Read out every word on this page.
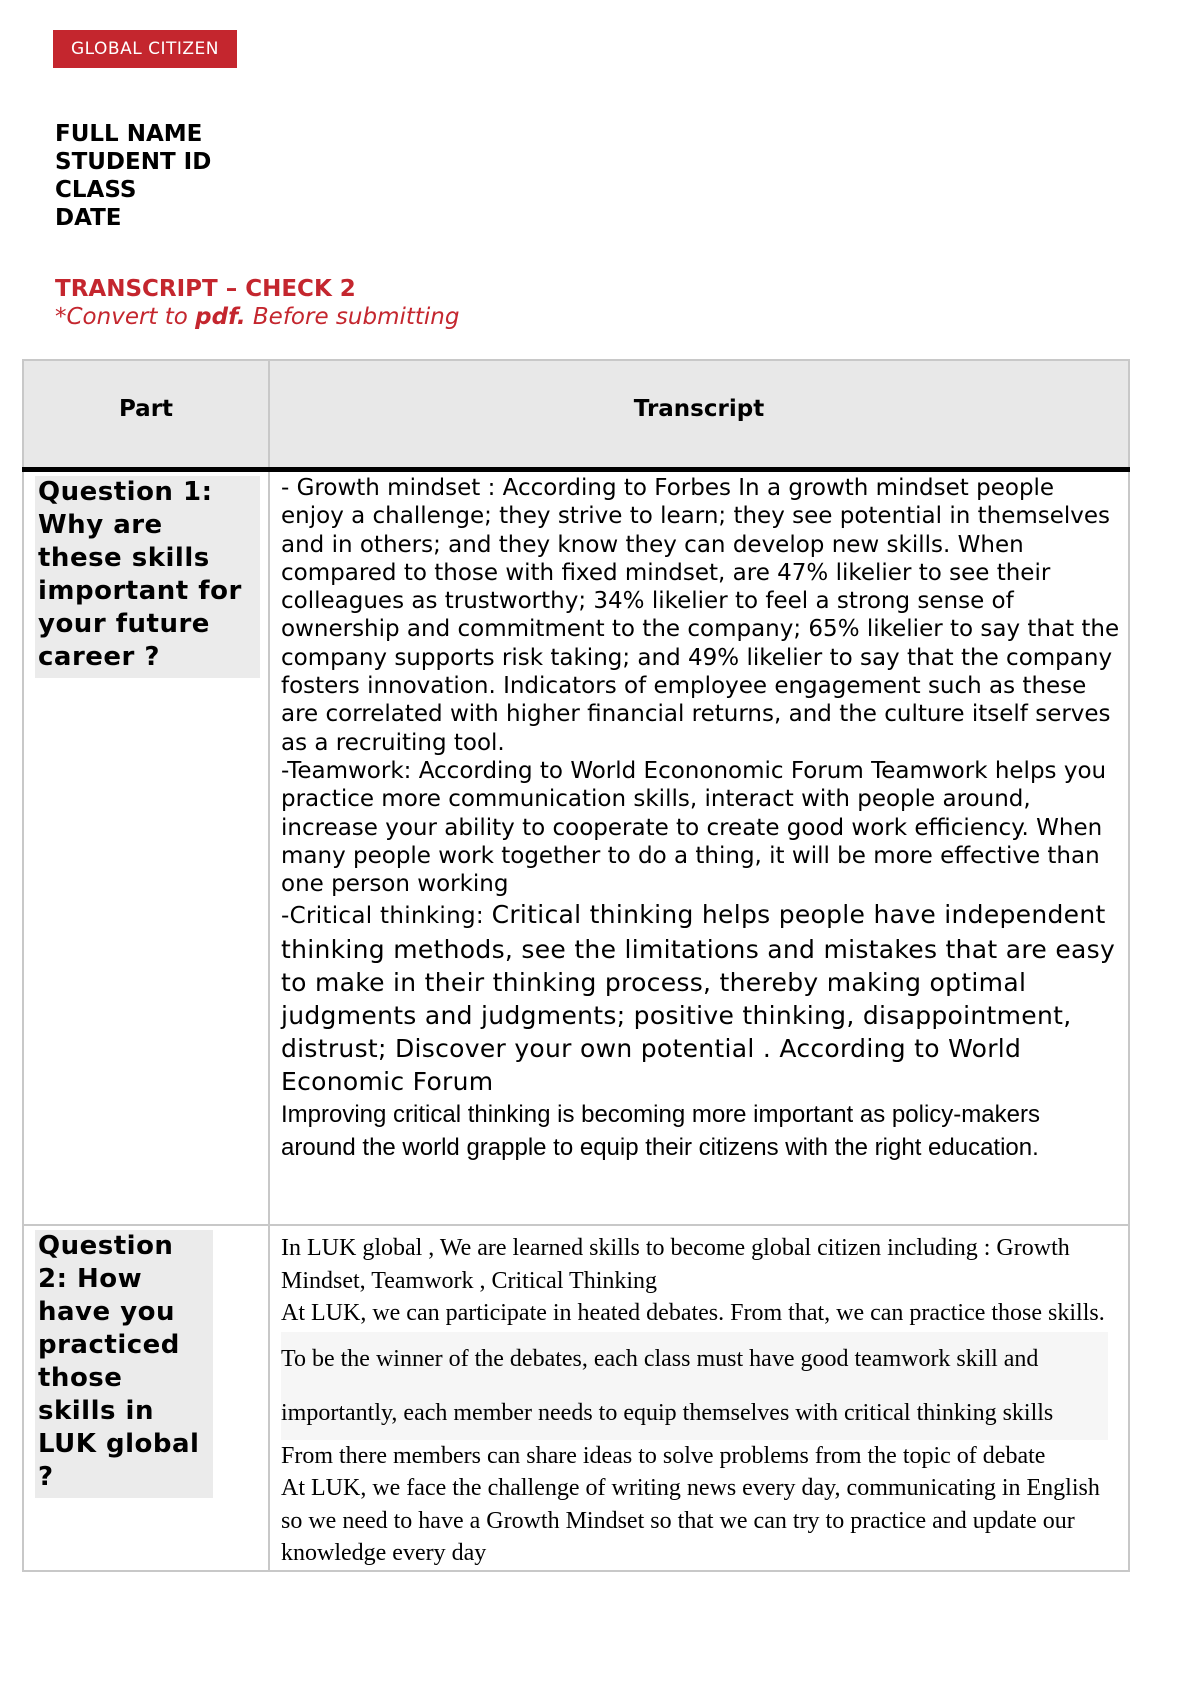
GLOBAL CITIZEN
FULL NAME
STUDENT ID
CLASS
DATE
TRANSCRIPT – CHECK 2
*Convert to pdf. Before submitting
Part	Transcript
Question 1: Why are these skills important for your future career ?	- Growth mindset : According to Forbes In a growth mindset people enjoy a challenge; they strive to learn; they see potential in themselves and in others; and they know they can develop new skills. When compared to those with fixed mindset, are 47% likelier to see their colleagues as trustworthy; 34% likelier to feel a strong sense of ownership and commitment to the company; 65% likelier to say that the company supports risk taking; and 49% likelier to say that the company fosters innovation. Indicators of employee engagement such as these are correlated with higher financial returns, and the culture itself serves as a recruiting tool.

-Teamwork: According to World Econonomic Forum Teamwork helps you practice more communication skills, interact with people around, increase your ability to cooperate to create good work efficiency. When many people work together to do a thing, it will be more effective than one person working

-Critical thinking: Critical thinking helps people have independent thinking methods, see the limitations and mistakes that are easy to make in their thinking process, thereby making optimal judgments and judgments; positive thinking, disappointment, distrust; Discover your own potential . According to World Economic Forum

Improving critical thinking is becoming more important as policy-makers around the world grapple to equip their citizens with the right education.

Question 2: How have you practiced those skills in LUK global ?	In LUK global , We are learned skills to become global citizen including : Growth Mindset, Teamwork , Critical Thinking

At LUK, we can participate in heated debates. From that, we can practice those skills.

To be the winner of the debates, each class must have good teamwork skill and importantly, each member needs to equip themselves with critical thinking skills

From there members can share ideas to solve problems from the topic of debate

At LUK, we face the challenge of writing news every day, communicating in English so we need to have a Growth Mindset so that we can try to practice and update our knowledge every day
